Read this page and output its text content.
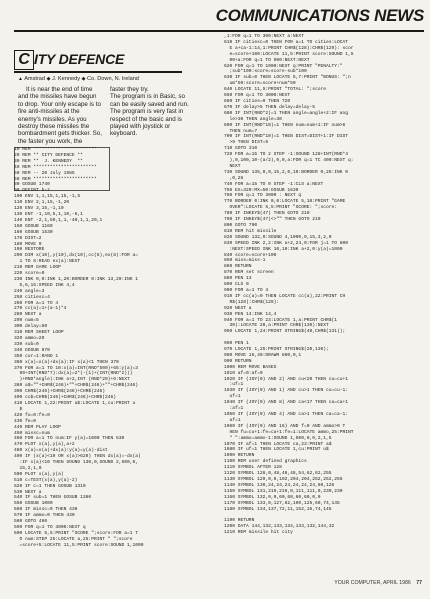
COMMUNICATIONS NEWS
C ITY DEFENCE
▲ Amstrad ◆ J. Kennedy ◆ Co. Down, N. Ireland

It is near the end of time and the missiles have begun to drop. Your only escape is to fire anti-missiles at the enemy's missiles. As you destroy these missiles the bombardment gets thicker. So, the faster you work, the

faster they try.
The program is in Basic, so can be easily saved and run. The program is very fast in respect of the basic and is played with joystick or keyboard.

10 REM ***********************
20 REM ** CITY DEFENCE **
30 REM **  J. KENNEDY  **
40 REM ***********************
50 REM -- 20 July 1985
60 REM ***********************
80 GOSUB 1740
90 DEFINT b-z
100 ENV 1,1,15,1,15,-1,5
110 ENV 2,1,15,-1,20
120 ENV 3,15,-1,10
130 ENT -1,10,5,1,10,-6,1
140 ENT -2,1,50,1,1,-40,1,1,20,1
150 GOSUB 1160
160 GOSUB 1530
170 DIST=2
180 MOVE 0
190 RESTORE
200 DIM x(10),y(10),dx(10),cc(5),ex(8):FOR a=
1 TO 8:READ ex(a):NEXT
210 REM GAME LOOP
220 score=0
230 INK 0,0:INK 1,20:BORDER 0:INK 13,20:INK 1
5,6,15:SPEED INK 4,4
240 angle=3
250 citiesc=4
260 FOR a=1 TO 4
270 cc(a)=1+(a-1)*4
280 NEXT a
290 num=5
300 delay=50
310 REM SHEET LOOP
320 ammo=20
330 sub=0
340 GOSUB 870
350 cur=1:RAND 1
360 x(a)=x(a)+dx(a):IF x(a)<1 THEN 370
370 FOR a=1 TO 10:x(a)=INT(RND*500)+65:y(a)=3
99+INT(RND*7):dx(a)=2*(-(1)+(INT(RND*2)))
)+RND*angle):INK a+2,INT (RND*20)+6:NEXT
380 a$=""+CHR$(246)+""+CHR$(246)+""+CHR$(246)
390 CHR$(246)+CHR$(246)+CHR$(246)
400 cc$=CHR$(246)+CHR$(246)+CHR$(246)
410 LOCATE 1,22:PRINT a$:LOCATE 1,cu:PRINT u
$
420 fu=0:fe=0
430 fe=0
440 REM PLAY LOOP
450 missc=num
460 FOR a=1 TO num:IF y(a)=1000 THEN 530
470 PLOT x(a),y(a),a+2
480 x(a)=x(a)+dx(a):y(a)=y(a)-dist
490 IF (x(a)<10 OR x(a)>620) THEN dx(a)=-dx(a)
:IF x(a)<10 THEN SOUND 130,0,SOUND 2,500,0,
15,2,1,0
500 PLOT x(a),y(a)
510 c=TEST(x(a),y(a)-2)
520 IF c=1 THEN GOSUB 1310
530 NEXT a
540 IF sub=1 THEN GOSUB 1360
550 GOSUB 1000
560 IF missc=0 THEN 430
570 IF ammo=0 THEN 430
580 GOTO 460
590 FOR q=1 TO 3000:NEXT q
600 LOCATE 5,5:PRINT "SCORE ";score:FOR a=1 T
O num:STEP 25:LOCATE a,25:PRINT " ";score
=score+5:LOCATE 11,5:PRINT score:SOUND 1,1000
,1:FOR q=1 TO 300:NEXT a:NEXT
610 IF citiesc=0 THEN FOR a=1 TO cities:LOCAT
E a+ca-1:14,1:PRINT CHR$(128):CHR$(129): scor
e=score+100:LOCATE 11,5:PRINT score:SOUND 1,5
00+a:FOR q=1 TO 900:NEXT:NEXT
620 FOR q=1 TO 1000:NEXT q:PRINT "PENALTY:"
;sub*100:score=score-sub*100
630 IF sub=0 THEN LOCATE 5,7:PRINT "BONUS: ";n
um*50:score=score+num*50
640 LOCATE 11,5:PRINT "TOTAL: ";score
650 FOR q=1 TO 3000:NEXT
660 IF cities=0 THEN 720
670 IF delay>5 THEN delay=delay-5
680 IF INT(RND*2)=1 THEN angle=angle+2:IF ang
le>30 THEN angle=30
690 IF INT(RND*10)=1 THEN num=num+1:IF num>6
THEN num=7
700 IF INT(RND*10)=1 THEN DIST=DIST+1:IF DIST
>9 THEN DIST=9
710 GOTO 310
720 FOR a=15 TO 2 STEP -1:SOUND 128+INT(RND*4
),0,100,10-(a/2),0,0,a:FOR q=1 TC 400:NEXT q:
NEXT
730 SOUND 135,0,0,15,2,0,10:BORDER 0,26:INK 0
,0,26
740 FOR a=15 TO 0 STEP -1:CLS a:NEXT
750 EX=320:MX=50:GOSUB 1630
760 FOR q=1 TO 3000 : NEXT q
770 BORDER 0:INK 0,0:LOCATE 5,10:PRINT "GAME
OVER":LOCATE 5,5:PRINT "SCORE: ";score:
780 IF INKEY$(47) THEN GOTO 210
790 IF INKEY$(47)<>"" THEN GOTO 210
800 GOTO 790
810 REM hit missile
820 SOUND 132,0:SOUND 4,1000,0,15,3,2,0
830 SPEED INK 2,2:INK a+2,24,0:FOR j=1 TO 800
:NEXT:SPEED INK 10,10:INK a+2,0:y(a)=1000
840 score=score+100
850 miss=miss-1
860 RETURN
870 REM set screen
880 PEN 13
890 CLS 0
900 FOR a=1 TO 4
910 IF cc(a)=0 THEN LOCATE cc(a),22:PRINT CH
R$(128):CHR$(129):
920 NEXT a
930 PEN 14:INK 14,4
940 FOR a=1 TO 23:LOCATE 1,a:PRINT CHR$(1
30):LOCATE 20,a:PRINT CHR$(130):NEXT
950 LOCATE 1,24:PRINT STRING$(40,CHR$(131));

960 PEN 1
970 LOCATE 1,25:PRINT STRING$(20,130);
980 MOVE 16,40:DRAWR 600,0,1
990 RETURN
1000 REM MOVE BASES
1010 af=0:af=0
1020 IF (JOY(0) AND 2) AND cu<20 THEN cu=cu+1
:uf=1
1030 IF (JOY(0) AND 1) AND cu>1 THEN cu=cu-1:
uf=1
1040 IF (JOY(0) AND 8) AND ca<17 THEN ca=ca+1
:af=1
1050 IF (JOY(0) AND 4) AND ca>1 THEN ca=ca-1:
af=1
1060 IF (JOY(0) AND 16) AND f=0 AND ammo>0 T
HEN fu=cu+1:fe=ca+1:fe=1:LOCATE ammo,25:PRINT
" ":ammo=ammo-1:SOUND 1,500,0,0,2,1,5
1070 IF af=1 THEN LOCATE ca,23:PRINT a$
1080 IF uf=1 THEN LOCATE 1,cu:PRINT u$
1090 RETURN
1100 REM user defined graphics
1110 SYMBOL AFTER 128
1120 SYMBOL 128,0,48,48,48,54,62,62,255
1130 SYMBOL 129,0,0,192,204,204,252,252,255
1140 SYMBOL 130,24,24,24,24,24,24,60,126
1150 SYMBOL 131,219,219,0,111,111,0,230,230
1160 SYMBOL 132,0,0,60,60,60,60,0,0
1170 SYMBOL 133,0,127,62,190,125,60,74,145
1180 SYMBOL 134,137,72,11,152,16,74,145

1190 RETURN
1200 DATA 144,132,133,134,133,132,144,32
1210 REM missile hit city
YOUR COMPUTER, APRIL 1986 77
